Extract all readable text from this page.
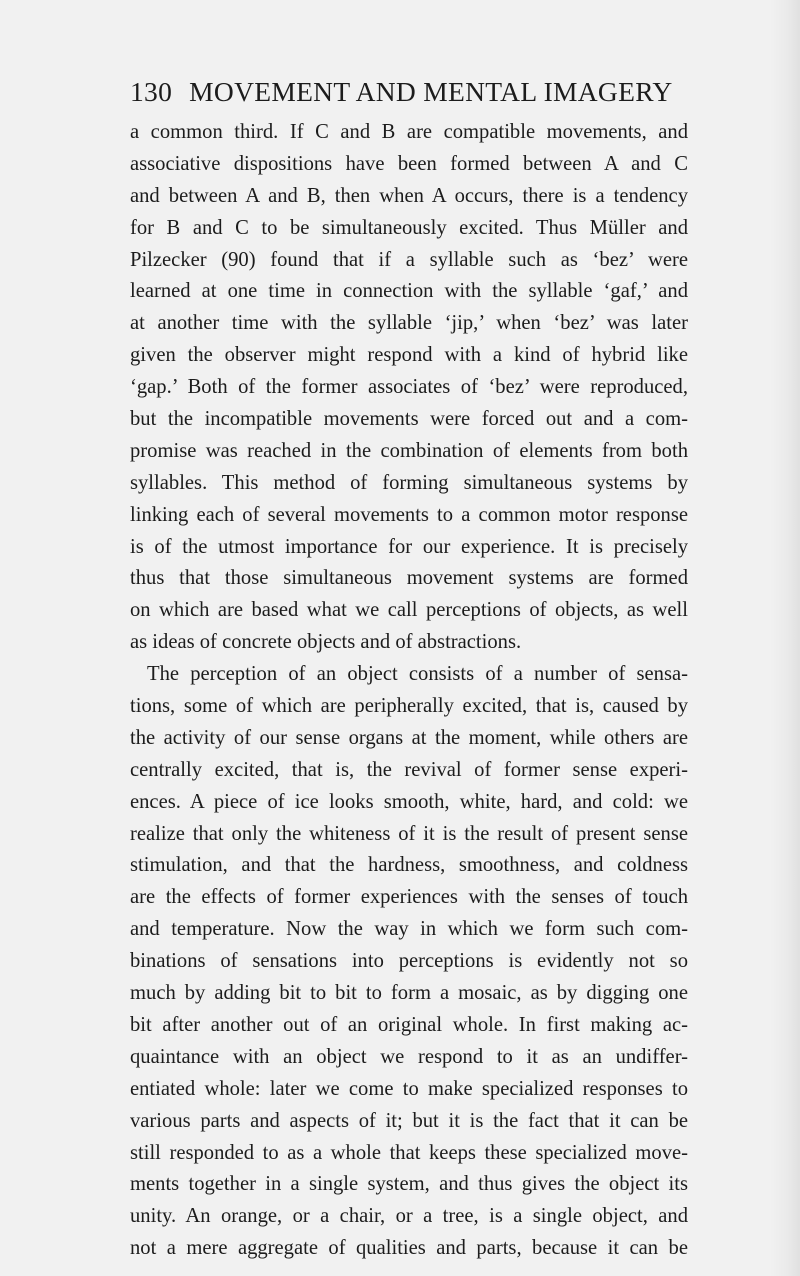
130 MOVEMENT AND MENTAL IMAGERY
a common third. If C and B are compatible movements, and
associative dispositions have been formed between A and C
and between A and B, then when A occurs, there is a tendency
for B and C to be simultaneously excited. Thus Müller and
Pilzecker (90) found that if a syllable such as ‘bez’ were
learned at one time in connection with the syllable ‘gaf,’ and
at another time with the syllable ‘jip,’ when ‘bez’ was later
given the observer might respond with a kind of hybrid like
‘gap.’ Both of the former associates of ‘bez’ were reproduced,
but the incompatible movements were forced out and a com-
promise was reached in the combination of elements from both
syllables. This method of forming simultaneous systems by
linking each of several movements to a common motor response
is of the utmost importance for our experience. It is precisely
thus that those simultaneous movement systems are formed
on which are based what we call perceptions of objects, as well
as ideas of concrete objects and of abstractions.
The perception of an object consists of a number of sensa-
tions, some of which are peripherally excited, that is, caused by
the activity of our sense organs at the moment, while others are
centrally excited, that is, the revival of former sense experi-
ences. A piece of ice looks smooth, white, hard, and cold: we
realize that only the whiteness of it is the result of present sense
stimulation, and that the hardness, smoothness, and coldness
are the effects of former experiences with the senses of touch
and temperature. Now the way in which we form such com-
binations of sensations into perceptions is evidently not so
much by adding bit to bit to form a mosaic, as by digging one
bit after another out of an original whole. In first making ac-
quaintance with an object we respond to it as an undiffer-
entiated whole: later we come to make specialized responses to
various parts and aspects of it; but it is the fact that it can be
still responded to as a whole that keeps these specialized move-
ments together in a single system, and thus gives the object its
unity. An orange, or a chair, or a tree, is a single object, and
not a mere aggregate of qualities and parts, because it can be
